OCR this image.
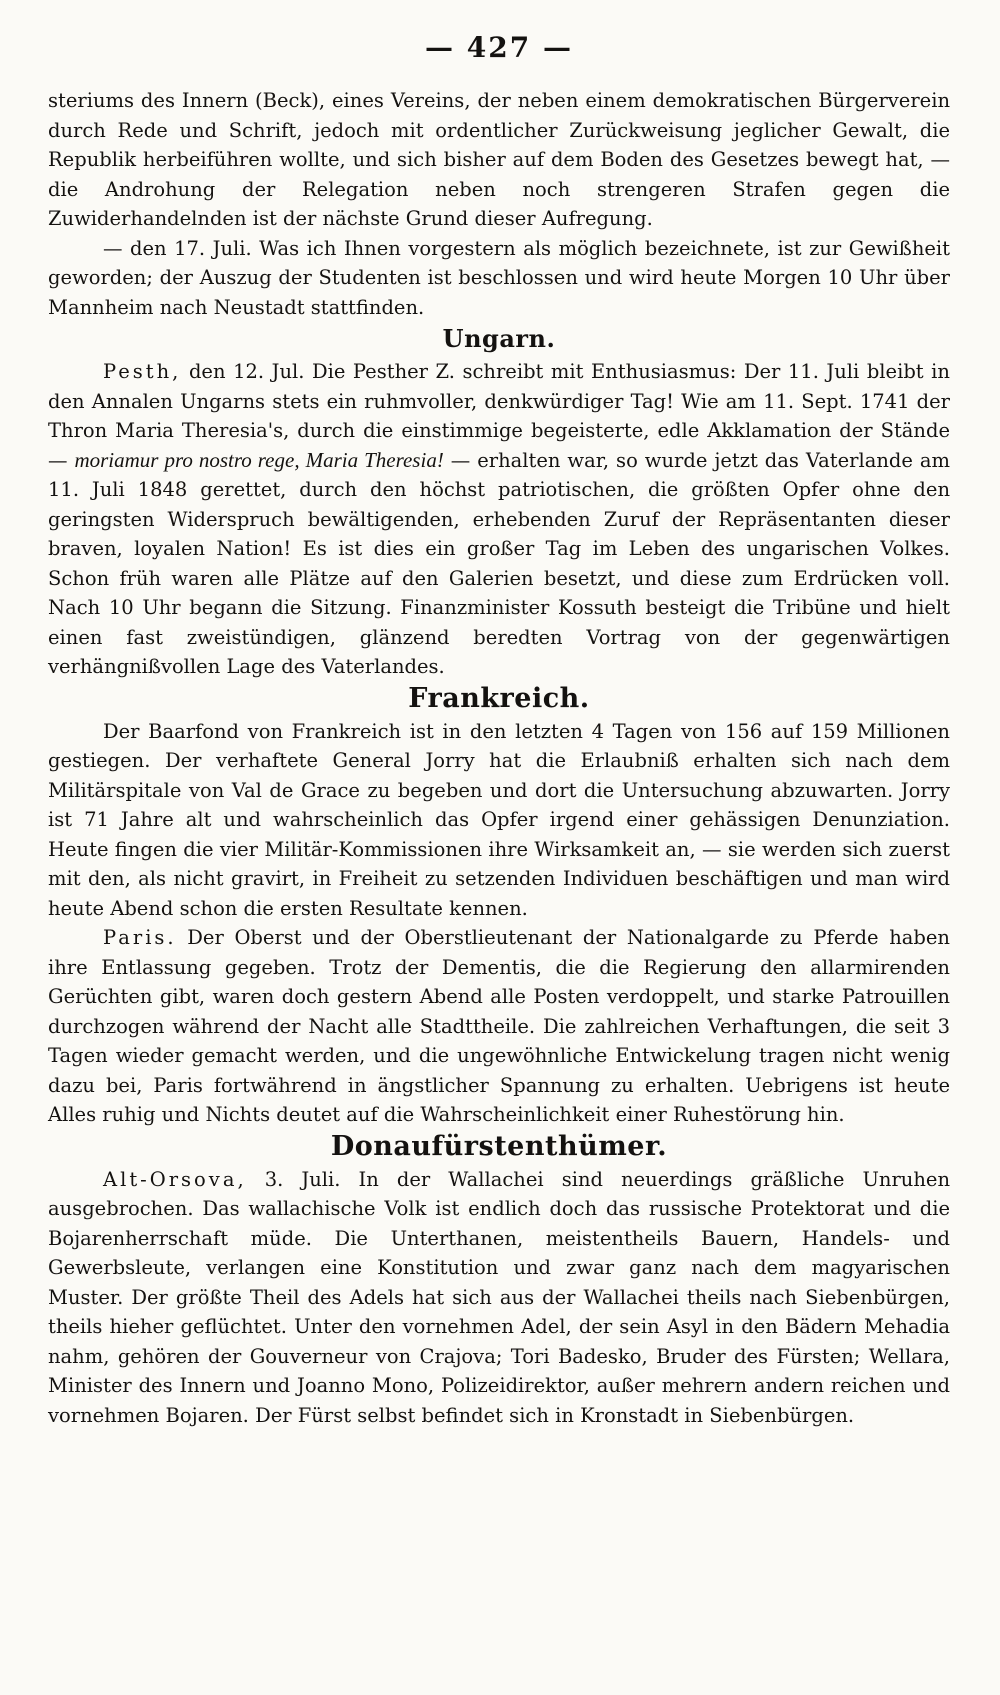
— 427 —

steriums des Innern (Beck), eines Vereins, der neben einem demokratischen Bürgerverein durch Rede und Schrift, jedoch mit ordentlicher Zurückweisung jeglicher Gewalt, die Republik herbeiführen wollte, und sich bisher auf dem Boden des Gesetzes bewegt hat, — die Androhung der Relegation neben noch strengeren Strafen gegen die Zuwiderhandelnden ist der nächste Grund dieser Aufregung.

— den 17. Juli. Was ich Ihnen vorgestern als möglich bezeichnete, ist zur Gewißheit geworden; der Auszug der Studenten ist beschlossen und wird heute Morgen 10 Uhr über Mannheim nach Neustadt stattfinden.

Ungarn.

Pesth, den 12. Jul. Die Pesther Z. schreibt mit Enthusiasmus: Der 11. Juli bleibt in den Annalen Ungarns stets ein ruhmvoller, denkwürdiger Tag! Wie am 11. Sept. 1741 der Thron Maria Theresia's, durch die einstimmige begeisterte, edle Akklamation der Stände — moriamur pro nostro rege, Maria Theresia! — erhalten war, so wurde jetzt das Vaterlande am 11. Juli 1848 gerettet, durch den höchst patriotischen, die größten Opfer ohne den geringsten Widerspruch bewältigenden, erhebenden Zuruf der Repräsentanten dieser braven, loyalen Nation! Es ist dies ein großer Tag im Leben des ungarischen Volkes. Schon früh waren alle Plätze auf den Galerien besetzt, und diese zum Erdrücken voll. Nach 10 Uhr begann die Sitzung. Finanzminister Kossuth besteigt die Tribüne und hielt einen fast zweistündigen, glänzend beredten Vortrag von der gegenwärtigen verhängnißvollen Lage des Vaterlandes.

Frankreich.

Der Baarfond von Frankreich ist in den letzten 4 Tagen von 156 auf 159 Millionen gestiegen. Der verhaftete General Jorry hat die Erlaubniß erhalten sich nach dem Militärspitale von Val de Grace zu begeben und dort die Untersuchung abzuwarten. Jorry ist 71 Jahre alt und wahrscheinlich das Opfer irgend einer gehässigen Denunziation. Heute fingen die vier Militär-Kommissionen ihre Wirksamkeit an, — sie werden sich zuerst mit den, als nicht gravirt, in Freiheit zu setzenden Individuen beschäftigen und man wird heute Abend schon die ersten Resultate kennen.

Paris. Der Oberst und der Oberstlieutenant der Nationalgarde zu Pferde haben ihre Entlassung gegeben. Trotz der Dementis, die die Regierung den allarmirenden Gerüchten gibt, waren doch gestern Abend alle Posten verdoppelt, und starke Patrouillen durchzogen während der Nacht alle Stadttheile. Die zahlreichen Verhaftungen, die seit 3 Tagen wieder gemacht werden, und die ungewöhnliche Entwickelung tragen nicht wenig dazu bei, Paris fortwährend in ängstlicher Spannung zu erhalten. Uebrigens ist heute Alles ruhig und Nichts deutet auf die Wahrscheinlichkeit einer Ruhestörung hin.

Donaufürstenthümer.

Alt-Orsova, 3. Juli. In der Wallachei sind neuerdings gräßliche Unruhen ausgebrochen. Das wallachische Volk ist endlich doch das russische Protektorat und die Bojarenherrschaft müde. Die Unterthanen, meistentheils Bauern, Handels- und Gewerbsleute, verlangen eine Konstitution und zwar ganz nach dem magyarischen Muster. Der größte Theil des Adels hat sich aus der Wallachei theils nach Siebenbürgen, theils hieher geflüchtet. Unter den vornehmen Adel, der sein Asyl in den Bädern Mehadia nahm, gehören der Gouverneur von Crajova; Tori Badesko, Bruder des Fürsten; Wellara, Minister des Innern und Joanno Mono, Polizeidirektor, außer mehrern andern reichen und vornehmen Bojaren. Der Fürst selbst befindet sich in Kronstadt in Siebenbürgen.
